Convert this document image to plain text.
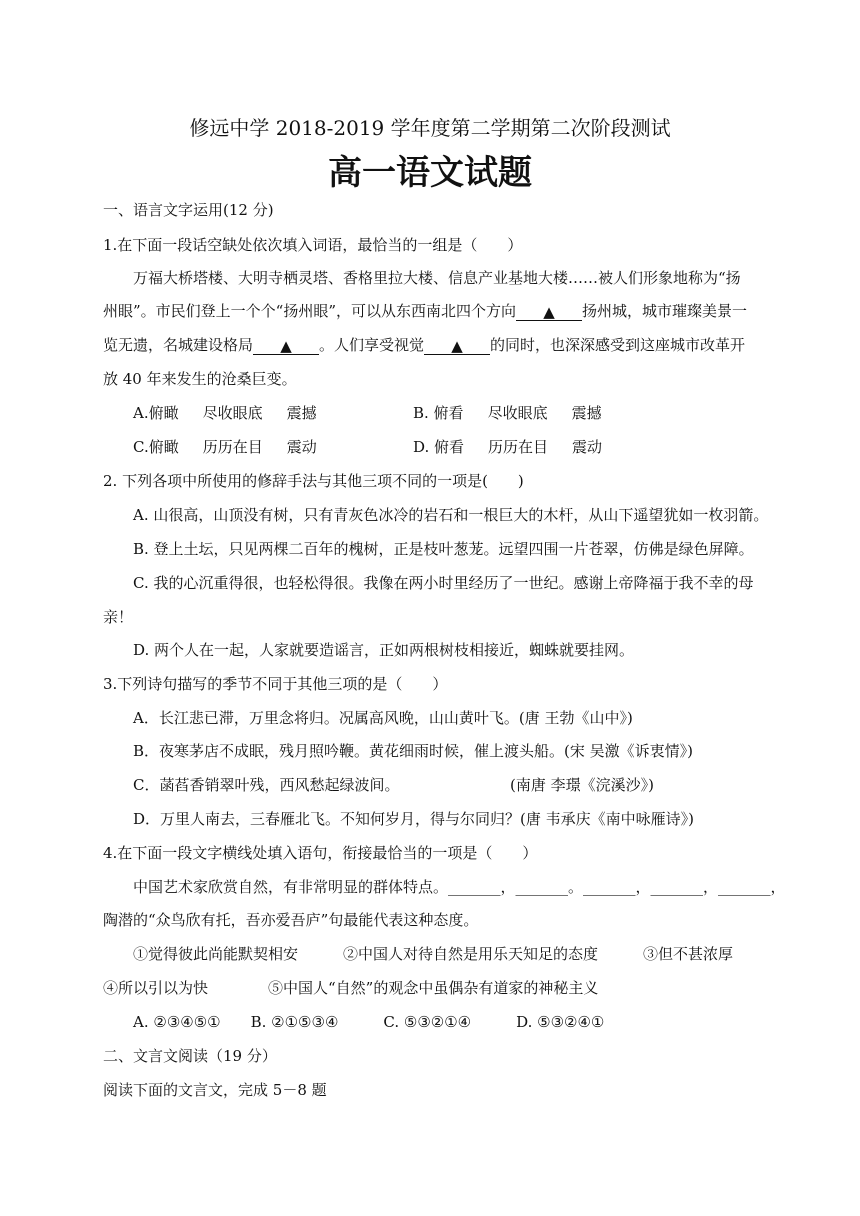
修远中学 2018-2019 学年度第二学期第二次阶段测试
高一语文试题
一、语言文字运用(12 分)
1.在下面一段话空缺处依次填入词语，最恰当的一组是（　　）
万福大桥塔楼、大明寺栖灵塔、香格里拉大楼、信息产业基地大楼……被人们形象地称为“扬
州眼”。市民们登上一个个“扬州眼”，可以从东西南北四个方向 ▲ 扬州城，城市璀璨美景一
览无遗，名城建设格局 ▲ 。人们享受视觉 ▲ 的同时，也深深感受到这座城市改革开
放 40 年来发生的沧桑巨变。
A.俯瞰 尽收眼底 震撼	B. 俯看 尽收眼底 震撼
C.俯瞰 历历在目 震动	D. 俯看 历历在目 震动
2. 下列各项中所使用的修辞手法与其他三项不同的一项是(　　)
A. 山很高，山顶没有树，只有青灰色冰冷的岩石和一根巨大的木杆，从山下遥望犹如一枚羽箭。
B. 登上土坛，只见两棵二百年的槐树，正是枝叶葱茏。远望四围一片苍翠，仿佛是绿色屏障。
C. 我的心沉重得很，也轻松得很。我像在两小时里经历了一世纪。感谢上帝降福于我不幸的母
亲！
D. 两个人在一起，人家就要造谣言，正如两根树枝相接近，蜘蛛就要挂网。
3.下列诗句描写的季节不同于其他三项的是（　　）
A．长江悲已滞，万里念将归。况属高风晚，山山黄叶飞。(唐 王勃《山中》)
B．夜寒茅店不成眠，残月照吟鞭。黄花细雨时候，催上渡头船。(宋 吴激《诉衷情》)
C．菡萏香销翠叶残，西风愁起绿波间。	(南唐 李璟《浣溪沙》)
D．万里人南去，三春雁北飞。不知何岁月，得与尔同归？(唐 韦承庆《南中咏雁诗》)
4.在下面一段文字横线处填入语句，衔接最恰当的一项是（　　）
中国艺术家欣赏自然，有非常明显的群体特点。_______，_______。_______，_______，_______，
陶潜的“众鸟欣有托，吾亦爱吾庐”句最能代表这种态度。
①觉得彼此尚能默契相安　　　②中国人对待自然是用乐天知足的态度　　　③但不甚浓厚
④所以引以为快　　　　⑤中国人“自然”的观念中虽偶杂有道家的神秘主义
A. ②③④⑤①　　B. ②①⑤③④　　　C. ⑤③②①④　　　D. ⑤③②④①
二、文言文阅读（19 分）
阅读下面的文言文，完成 5－8 题
